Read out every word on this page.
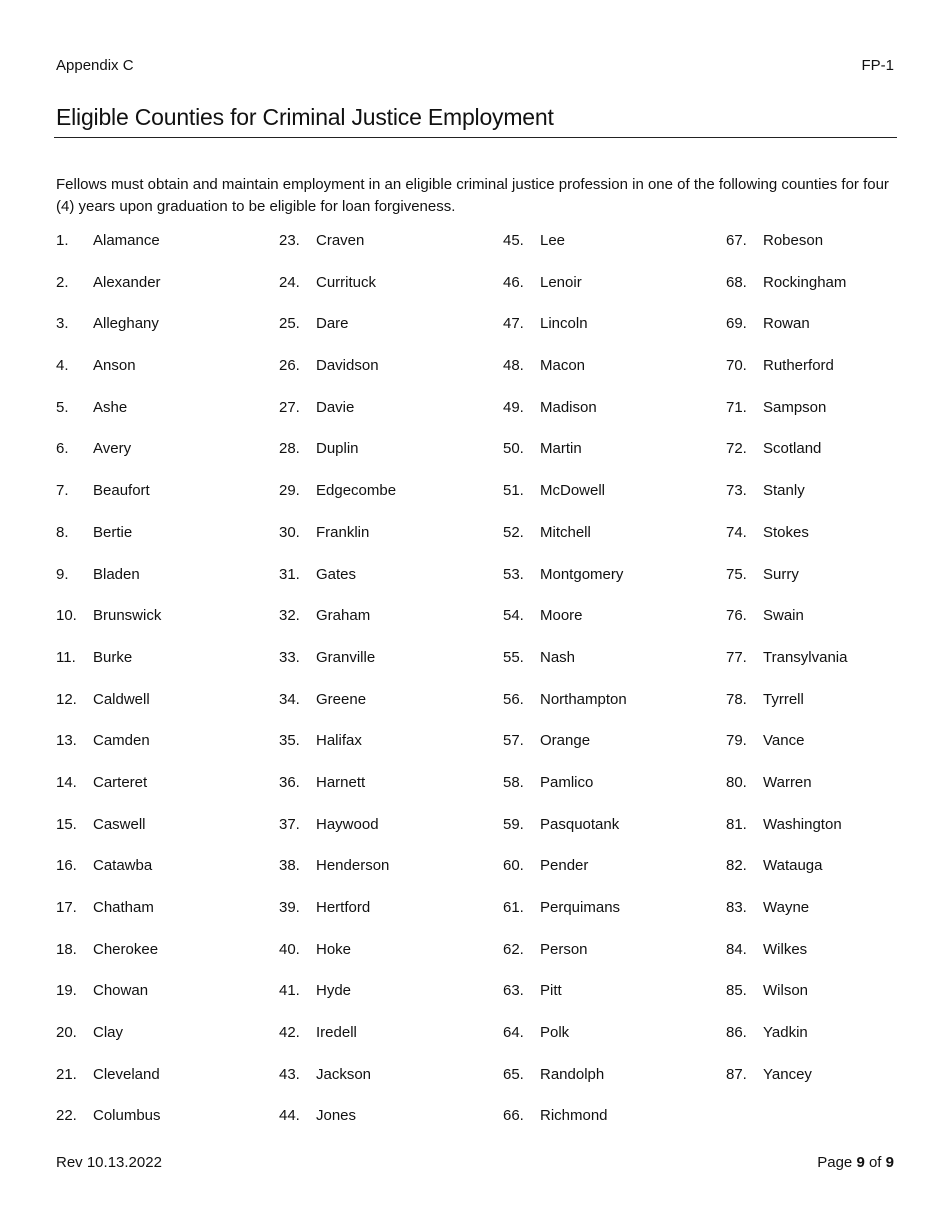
Appendix C	FP-1
Eligible Counties for Criminal Justice Employment

Fellows must obtain and maintain employment in an eligible criminal justice profession in one of the following counties for four (4) years upon graduation to be eligible for loan forgiveness.

1.	Alamance
2.	Alexander
3.	Alleghany
4.	Anson
5.	Ashe
6.	Avery
7.	Beaufort
8.	Bertie
9.	Bladen
10.	Brunswick
11.	Burke
12.	Caldwell
13.	Camden
14.	Carteret
15.	Caswell
16.	Catawba
17.	Chatham
18.	Cherokee
19.	Chowan
20.	Clay
21.	Cleveland
22.	Columbus
23.	Craven
24.	Currituck
25.	Dare
26.	Davidson
27.	Davie
28.	Duplin
29.	Edgecombe
30.	Franklin
31.	Gates
32.	Graham
33.	Granville
34.	Greene
35.	Halifax
36.	Harnett
37.	Haywood
38.	Henderson
39.	Hertford
40.	Hoke
41.	Hyde
42.	Iredell
43.	Jackson
44.	Jones
45.	Lee
46.	Lenoir
47.	Lincoln
48.	Macon
49.	Madison
50.	Martin
51.	McDowell
52.	Mitchell
53.	Montgomery
54.	Moore
55.	Nash
56.	Northampton
57.	Orange
58.	Pamlico
59.	Pasquotank
60.	Pender
61.	Perquimans
62.	Person
63.	Pitt
64.	Polk
65.	Randolph
66.	Richmond
67.	Robeson
68.	Rockingham
69.	Rowan
70.	Rutherford
71.	Sampson
72.	Scotland
73.	Stanly
74.	Stokes
75.	Surry
76.	Swain
77.	Transylvania
78.	Tyrrell
79.	Vance
80.	Warren
81.	Washington
82.	Watauga
83.	Wayne
84.	Wilkes
85.	Wilson
86.	Yadkin
87.	Yancey
Rev 10.13.2022	Page 9 of 9
